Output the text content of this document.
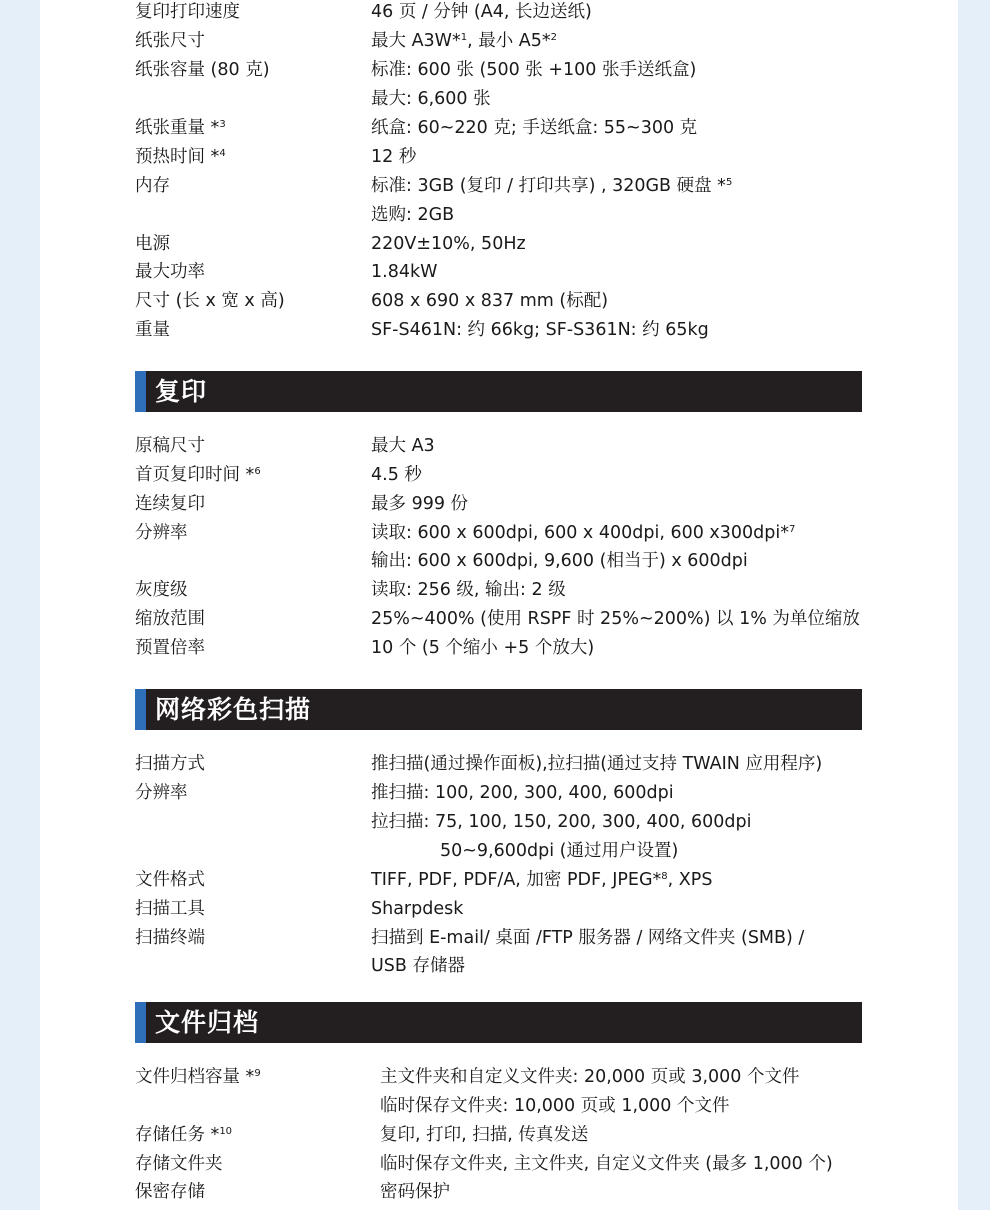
复印打印速度	46 页 / 分钟 (A4, 长边送纸)
纸张尺寸	最大 A3W*$^1$, 最小 A5*$^2$
纸张容量 (80 克)	标准: 600 张 (500 张 +100 张手送纸盒)
最大: 6,600 张
纸张重量 *$^3$	纸盒: 60~220 克; 手送纸盒: 55~300 克
预热时间 *$^4$	12 秒
内存	标准: 3GB (复印 / 打印共享) , 320GB 硬盘 *$^5$
选购: 2GB
电源	220V±10%, 50Hz
最大功率	1.84kW
尺寸 (长 x 宽 x 高)	608 x 690 x 837 mm (标配)
重量	SF-S461N: 约 66kg; SF-S361N: 约 65kg
复印
原稿尺寸	最大 A3
首页复印时间 *$^6$	4.5 秒
连续复印	最多 999 份
分辨率	读取: 600 x 600dpi, 600 x 400dpi, 600 x300dpi*$^7$
输出: 600 x 600dpi, 9,600 (相当于) x 600dpi
灰度级	读取: 256 级, 输出: 2 级
缩放范围	25%~400% (使用 RSPF 时 25%~200%) 以 1% 为单位缩放
预置倍率	10 个 (5 个缩小 +5 个放大)
网络彩色扫描
扫描方式	推扫描(通过操作面板),拉扫描(通过支持 TWAIN 应用程序)
分辨率	推扫描: 100, 200, 300, 400, 600dpi
拉扫描: 75, 100, 150, 200, 300, 400, 600dpi
50~9,600dpi (通过用户设置)
文件格式	TIFF, PDF, PDF/A, 加密 PDF, JPEG*$^8$, XPS
扫描工具	Sharpdesk
扫描终端	扫描到 E-mail/ 桌面 /FTP 服务器 / 网络文件夹 (SMB) /
USB 存储器
文件归档
文件归档容量 *$^9$	主文件夹和自定义文件夹: 20,000 页或 3,000 个文件
临时保存文件夹: 10,000 页或 1,000 个文件
存储任务 *$^{10}$	复印, 打印, 扫描, 传真发送
存储文件夹	临时保存文件夹, 主文件夹, 自定义文件夹 (最多 1,000 个)
保密存储	密码保护
